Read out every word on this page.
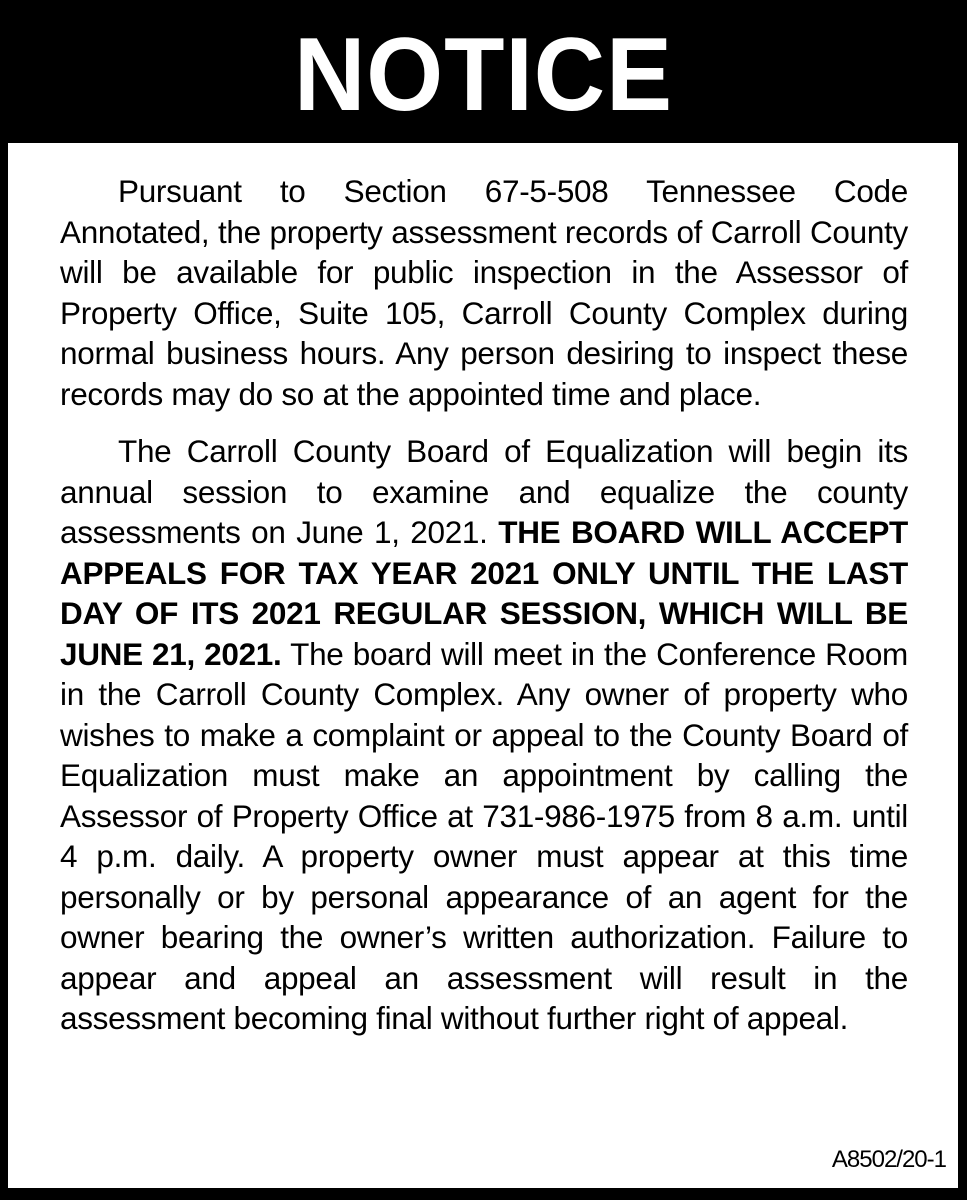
NOTICE

Pursuant to Section 67-5-508 Tennessee Code Annotated, the property assessment records of Carroll County will be available for public inspection in the Assessor of Property Office, Suite 105, Carroll County Complex during normal business hours. Any person desiring to inspect these records may do so at the appointed time and place.

The Carroll County Board of Equalization will begin its annual session to examine and equalize the county assessments on June 1, 2021. THE BOARD WILL ACCEPT APPEALS FOR TAX YEAR 2021 ONLY UNTIL THE LAST DAY OF ITS 2021 REGULAR SESSION, WHICH WILL BE JUNE 21, 2021. The board will meet in the Conference Room in the Carroll County Complex. Any owner of property who wishes to make a complaint or appeal to the County Board of Equalization must make an appointment by calling the Assessor of Property Office at 731-986-1975 from 8 a.m. until 4 p.m. daily. A property owner must appear at this time personally or by personal appearance of an agent for the owner bearing the owner’s written authorization. Failure to appear and appeal an assessment will result in the assessment becoming final without further right of appeal.

A8502/20-1
